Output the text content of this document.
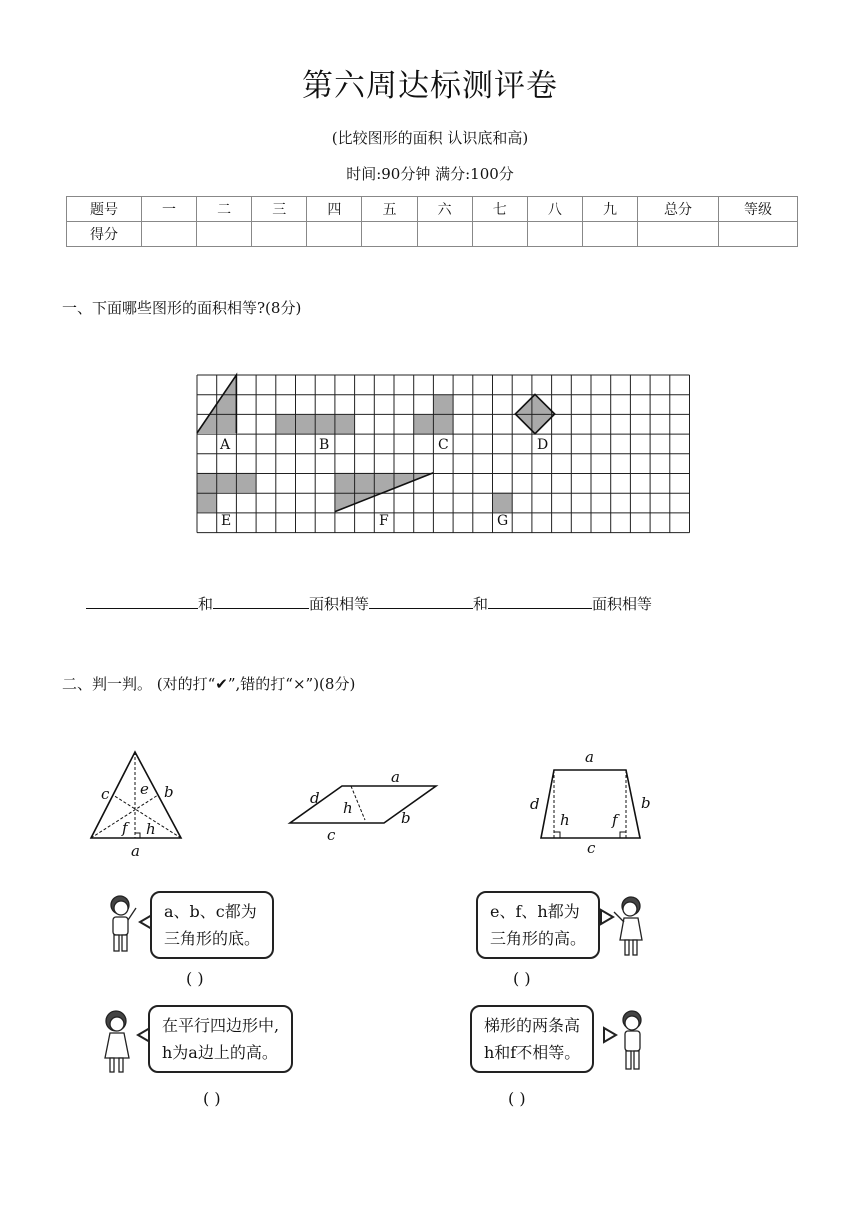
第六周达标测评卷
(比较图形的面积 认识底和高)
时间:90分钟 满分:100分
题号	一	二	三	四	五	六	七	八	九	总分	等级
得分											
一、下面哪些图形的面积相等?(8分)
A	B	C	D
E	F	G
和	面积相等	和	面积相等
二、判一判。 (对的打“✔”,错的打“×”)(8分)
c e b
f h
a
a
d
h
b
c
a
d	b
h	f
c
a、b、c都为
三角形的底。
( )
e、f、h都为
三角形的高。
( )
在平行四边形中,
h为a边上的高。
( )
梯形的两条高
h和f不相等。
( )
